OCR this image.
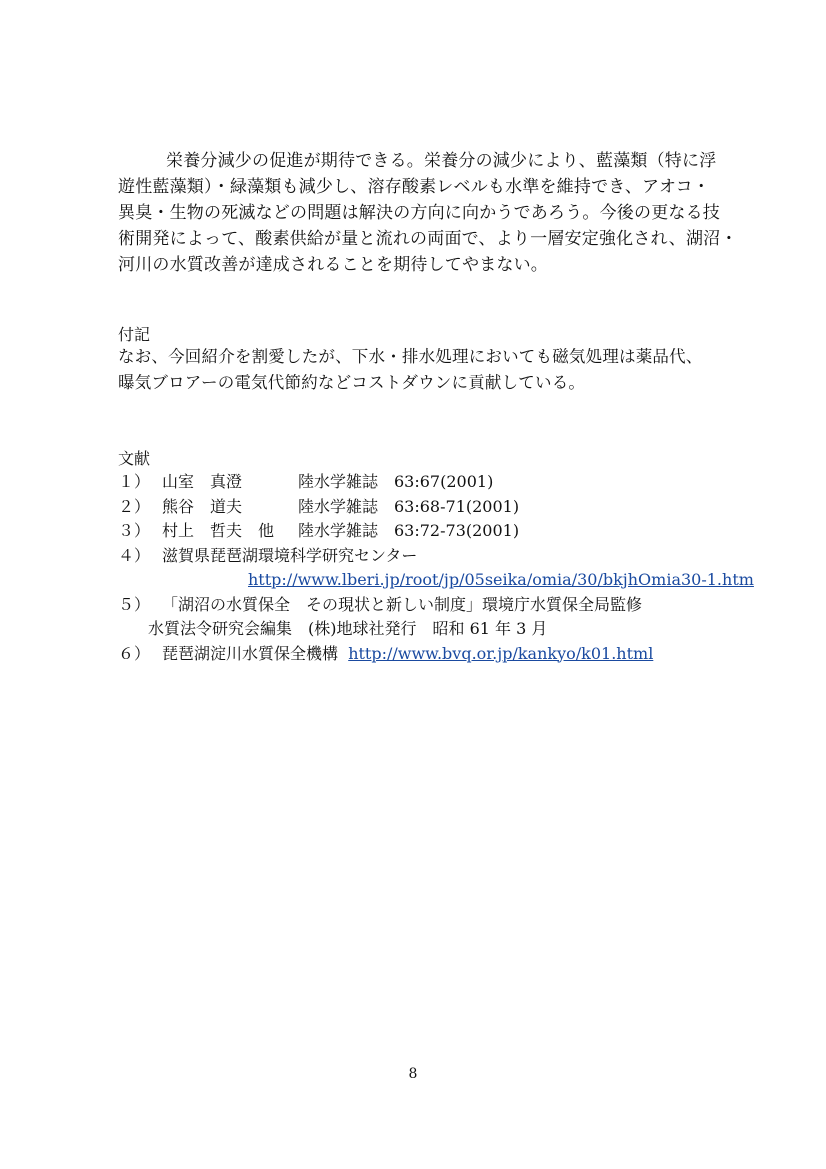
栄養分減少の促進が期待できる。栄養分の減少により、藍藻類（特に浮

遊性藍藻類）・緑藻類も減少し、溶存酸素レベルも水準を維持でき、アオコ・

異臭・生物の死滅などの問題は解決の方向に向かうであろう。今後の更なる技

術開発によって、酸素供給が量と流れの両面で、より一層安定強化され、湖沼・

河川の水質改善が達成されることを期待してやまない。

付記

なお、今回紹介を割愛したが、下水・排水処理においても磁気処理は薬品代、

曝気ブロアーの電気代節約などコストダウンに貢献している。

文献
１） 山室　真澄	陸水学雑誌 63:67(2001)
２） 熊谷　道夫	陸水学雑誌 63:68-71(2001)
３） 村上　哲夫　他 陸水学雑誌 63:72-73(2001)
４） 滋賀県琵琶湖環境科学研究センター
http://www.lberi.jp/root/jp/05seika/omia/30/bkjhOmia30-1.htm
５） 「湖沼の水質保全　その現状と新しい制度」環境庁水質保全局監修
水質法令研究会編集　(株)地球社発行　昭和 61 年 3 月
６） 琵琶湖淀川水質保全機構 http://www.bvq.or.jp/kankyo/k01.html
8
